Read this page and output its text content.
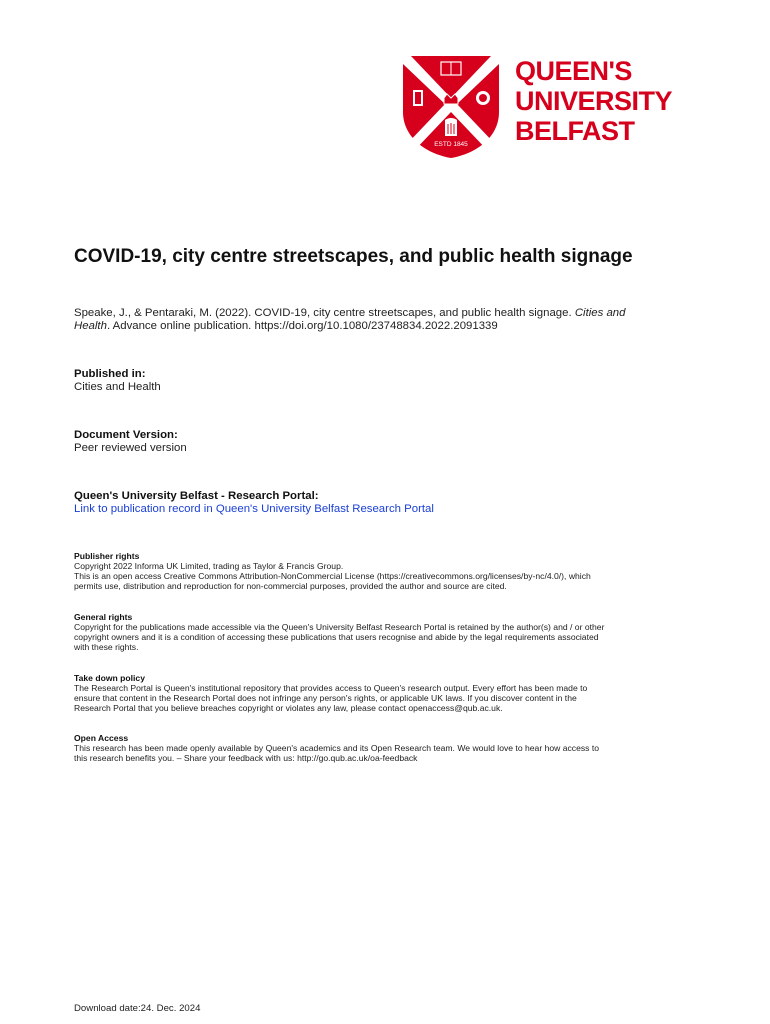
ESTD 1845
QUEEN'S
UNIVERSITY
BELFAST
COVID-19, city centre streetscapes, and public health signage
Speake, J., & Pentaraki, M. (2022). COVID-19, city centre streetscapes, and public health signage. Cities and
Health. Advance online publication. https://doi.org/10.1080/23748834.2022.2091339
Published in:
Cities and Health
Document Version:
Peer reviewed version
Queen's University Belfast - Research Portal:
Link to publication record in Queen's University Belfast Research Portal
Publisher rights
Copyright 2022 Informa UK Limited, trading as Taylor & Francis Group.
This is an open access Creative Commons Attribution-NonCommercial License (https://creativecommons.org/licenses/by-nc/4.0/), which
permits use, distribution and reproduction for non-commercial purposes, provided the author and source are cited.
General rights
Copyright for the publications made accessible via the Queen's University Belfast Research Portal is retained by the author(s) and / or other
copyright owners and it is a condition of accessing these publications that users recognise and abide by the legal requirements associated
with these rights.
Take down policy
The Research Portal is Queen's institutional repository that provides access to Queen's research output. Every effort has been made to
ensure that content in the Research Portal does not infringe any person's rights, or applicable UK laws. If you discover content in the
Research Portal that you believe breaches copyright or violates any law, please contact openaccess@qub.ac.uk.
Open Access
This research has been made openly available by Queen's academics and its Open Research team. We would love to hear how access to
this research benefits you. – Share your feedback with us: http://go.qub.ac.uk/oa-feedback
Download date:24. Dec. 2024
